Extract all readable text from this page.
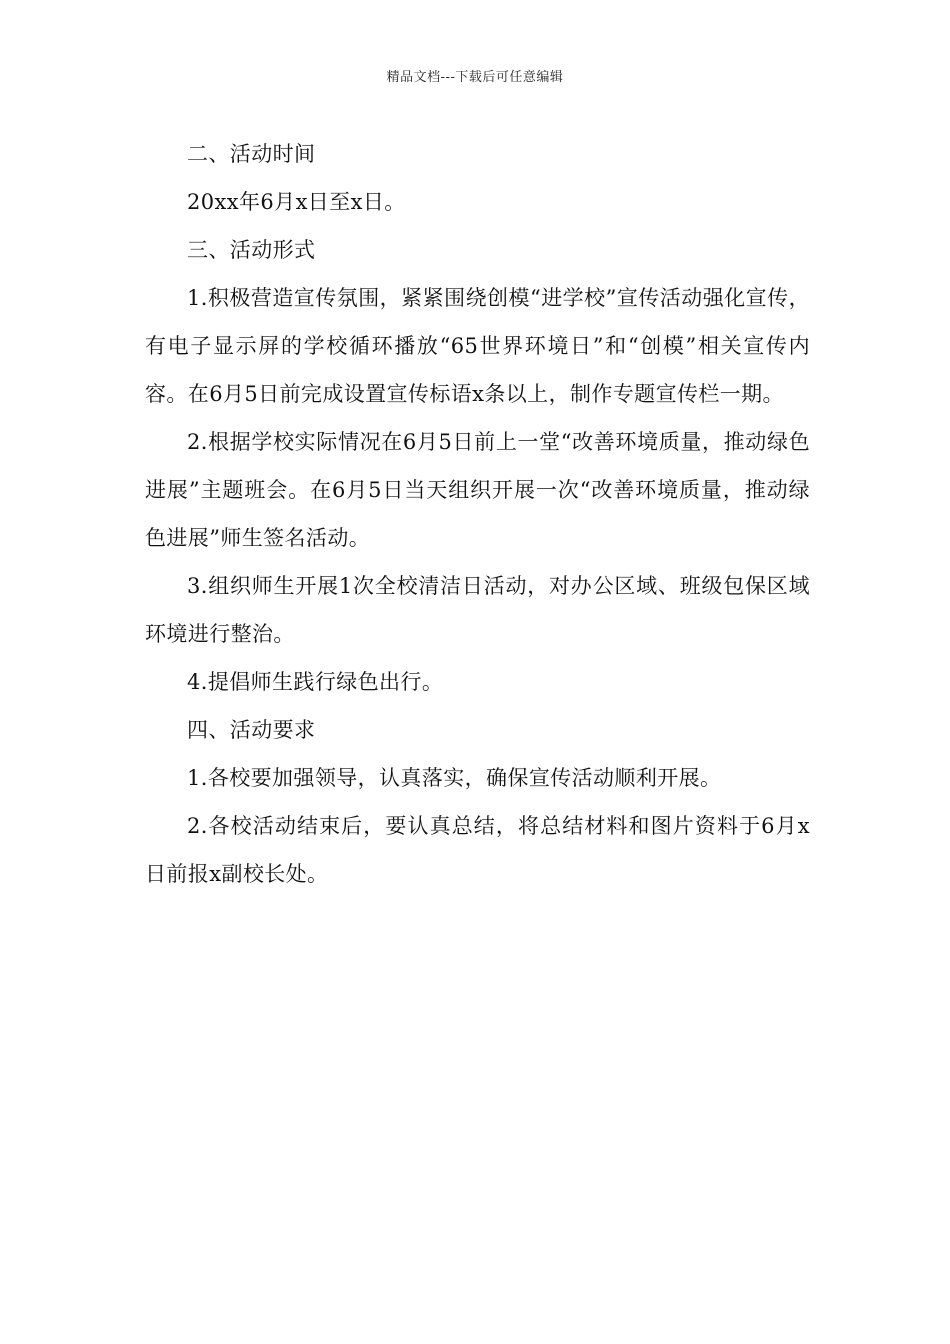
精品文档---下载后可任意编辑

二、活动时间

20xx年6月x日至x日。

三、活动形式

1.积极营造宣传氛围，紧紧围绕创模“进学校”宣传活动强化宣传，有电子显示屏的学校循环播放“65世界环境日”和“创模”相关宣传内容。在6月5日前完成设置宣传标语x条以上，制作专题宣传栏一期。

2.根据学校实际情况在6月5日前上一堂“改善环境质量，推动绿色进展”主题班会。在6月5日当天组织开展一次“改善环境质量，推动绿色进展”师生签名活动。

3.组织师生开展1次全校清洁日活动，对办公区域、班级包保区域环境进行整治。

4.提倡师生践行绿色出行。

四、活动要求

1.各校要加强领导，认真落实，确保宣传活动顺利开展。

2.各校活动结束后，要认真总结，将总结材料和图片资料于6月x日前报x副校长处。
